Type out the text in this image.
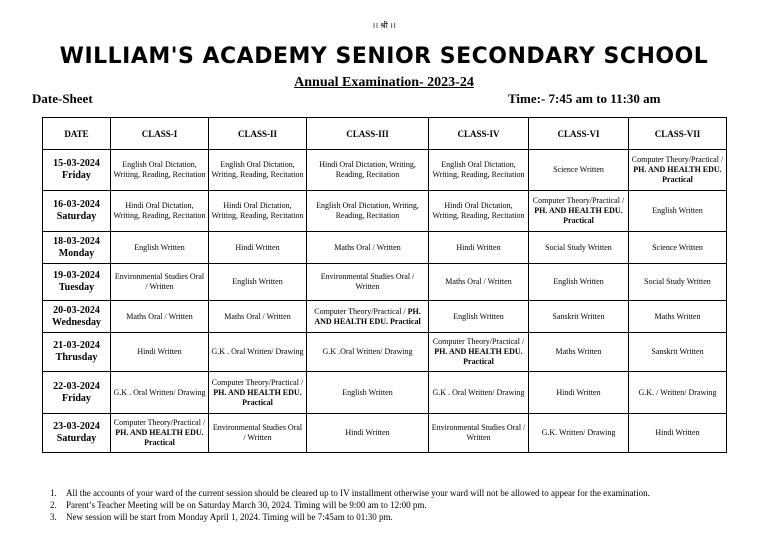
।। श्री ।।
WILLIAM'S ACADEMY SENIOR SECONDARY SCHOOL
Annual Examination- 2023-24
Date-Sheet	Time:- 7:45 am to 11:30 am
DATE	CLASS-I	CLASS-II	CLASS-III	CLASS-IV	CLASS-VI	CLASS-VII

15-03-2024
Friday	English Oral Dictation, Writing, Reading, Recitation	English Oral Dictation, Writing, Reading, Recitation	Hindi Oral Dictation, Writing, Reading, Recitation	English Oral Dictation, Writing, Reading, Recitation	Science Written	Computer Theory/Practical / PH. AND HEALTH EDU. Practical

16-03-2024
Saturday	Hindi Oral Dictation, Writing, Reading, Recitation	Hindi Oral Dictation, Writing, Reading, Recitation	English Oral Dictation, Writing, Reading, Recitation	Hindi Oral Dictation, Writing, Reading, Recitation	Computer Theory/Practical / PH. AND HEALTH EDU. Practical	English Written

18-03-2024
Monday	English Written	Hindi Written	Maths Oral / Written	Hindi Written	Social Study Written	Science Written

19-03-2024
Tuesday	Environmental Studies Oral / Written	English Written	Environmental Studies Oral / Written	Maths Oral / Written	English Written	Social Study Written

20-03-2024
Wednesday	Maths Oral / Written	Maths Oral / Written	Computer Theory/Practical / PH. AND HEALTH EDU. Practical	English Written	Sanskrit Written	Maths Written

21-03-2024
Thrusday	Hindi Written	G.K . Oral Written/ Drawing	G.K .Oral Written/ Drawing	Computer Theory/Practical / PH. AND HEALTH EDU. Practical	Maths Written	Sanskrit Written

22-03-2024
Friday	G.K . Oral Written/ Drawing	Computer Theory/Practical / PH. AND HEALTH EDU. Practical	English Written	G.K . Oral Written/ Drawing	Hindi Written	G.K. / Written/ Drawing

23-03-2024
Saturday	Computer Theory/Practical / PH. AND HEALTH EDU. Practical	Environmental Studies Oral / Written	Hindi Written	Environmental Studies Oral / Written	G.K. Written/ Drawing	Hindi Written
1. All the accounts of your ward of the current session should be cleared up to IV installment otherwise your ward will not be allowed to appear for the examination.
2. Parent’s Teacher Meeting will be on Saturday March 30, 2024. Timing will be 9:00 am to 12:00 pm.
3. New session will be start from Monday April 1, 2024. Timing will be 7:45am to 01:30 pm.
